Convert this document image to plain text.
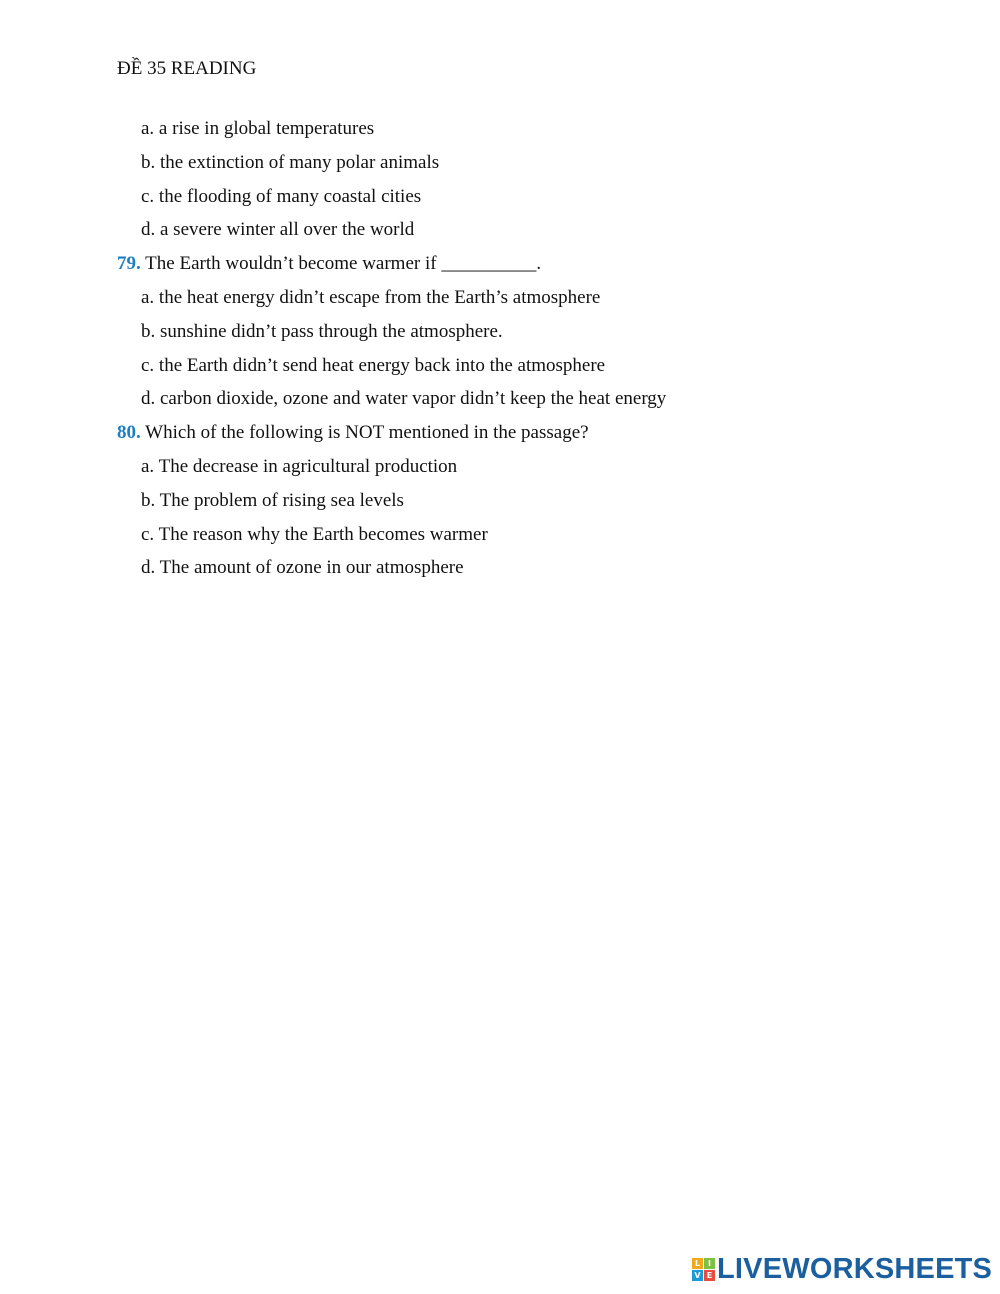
ĐỀ 35 READING
a. a rise in global temperatures
b. the extinction of many polar animals
c. the flooding of many coastal cities
d. a severe winter all over the world
79. The Earth wouldn’t become warmer if __________.
a. the heat energy didn’t escape from the Earth’s atmosphere
b. sunshine didn’t pass through the atmosphere.
c. the Earth didn’t send heat energy back into the atmosphere
d. carbon dioxide, ozone and water vapor didn’t keep the heat energy
80. Which of the following is NOT mentioned in the passage?
a. The decrease in agricultural production
b. The problem of rising sea levels
c. The reason why the Earth becomes warmer
d. The amount of ozone in our atmosphere
L I
V E LIVEWORKSHEETS
